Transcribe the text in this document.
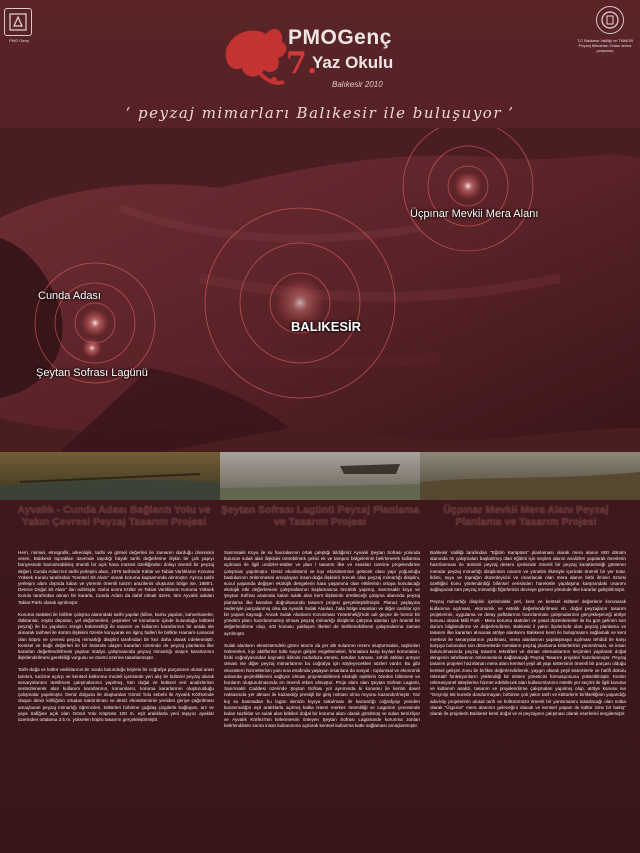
PMO Genç	T.C Balıkesir Valiliği ve TMMOB Peyzaj Mimarları Odası adına çalışması
PMOGenç
7.
Yaz Okulu
Balıkesir 2010
‘ peyzaj mimarları Balıkesir ile buluşuyor ’
Cunda Adası
Şeytan Sofrası Lagünü
BALIKESİR
Üçpınar Mevkii Mera Alanı
Ayvalık - Cunda Adası Bağlantı Yolu ve Yakın Çevresi Peyzaj Tasarım Projesi
Şeytan Sofrası Lagünü Peyzaj Planlama ve Tasarım Projesi
Üçpınar Mevkii Mera Alanı Peyzaj Planlama ve Tasarım Projesi

Hem, mimari, etnografik, arkeolojik, tarihi ve görsel değerleri ile zamanın durduğu izlenimini veren, Balıkesir toprakları üzerinde taşıdığı büyük tarihi değerlerine ilişkin bir çok yapıyı bünyesinde barındırabilmiş önemli bir açık hava müzesi özelliğinden dolayı önemli bir peyzaj değeri. Cunda Adası'nın tarihi yerleşim alanı, 1976 tarihinde Kültür ve Tabiat Varlıklarını Koruma Yüksek Kurulu tarafından "Kentsel Sit Alanı" olarak koruma kapsamında alınmıştır. Ayrıca tarihi yerleşim alanı dışında kalan ve yörenin önemli turizm arazilerini oluşturan bölge ise, 1989'1. Derece Doğal Sit Alanı" ilan edilmiştir. Daha sonra Kültür ve Tabiat Varlıklarını Koruma Yüksek Kurulu tarafından alınan bir kararla, Cunda Adası da dahil olmak üzere, tüm Ayvalık adaları Tabiat Parkı olarak ayrılmıştır.

Koruma statüleri ile birlikte çalışma alanındaki tarihi yapılar (kilise, kamu yapıları, kahvehaneler, dükkanlar, zeytin depoları, yel değirmenleri, çeşmeler ve konutların içinde bulunduğu kültürel peyzaj) ile bu yapıların zengin bütünselliği ile tasarım ve kullanım kararlarının bir arada ele alınarak tarihsel ile sürüm ilişkisini özenle koruyarak en ilginç halleri ile birlikte Hamam-Lanacak olan köprü ve çevresi peyzaj mimarlığı disiplini tarafından bir kez daha olarak irdelenmiştir. Kentsel ve bağlı değerleri ile bir bütünde ulaşım kararları üzerinde de peyzaj planlama ilke kararları değerlendirilmesi yapılan stüdyo çalışmasında peyzaj mimarlığı ulaşım kararlarının ilişkilendirilmesi gerekliliği vurgusu ve önemi üzerine tasarlanmıştır.

Tarih-doğa ve kültür varlıklarının bir arada bulunduğu böylesi bir coğrafya parçasının ulusal arası tanıtım, turizme açılışı ve kentsel kalkınma modeli içerisinde yeri alış ile kültürel peyzaj olarak senaryolarının üretilmesi çalışmalarının yapılmış, tüm doğal ve kültürel veri analizlerinin sentezlenerek alan kullanım kararlarının, konumların, koruma kararlarının oluşturulduğu çalışmalar yapılmıştır. Deniz dolgusu ile oluşturulan Gönül Yolu sebebi ile Ayvalık Körfezinde oluşan deniz kirliliğinin ortadan kaldırılması ve deniz ekosisteminin yeniden geriye çağırılması amaçlanan peyzaj mimarlığı öğrencileri, kültürleri birbirine çağdaş çizgilerle bağlayan, arz ve yaya trafiğine açık olan Gönül Yolu Köprüsü 100 m. eşit aralıklarla yeni taşıyıcı ayaklar üzerinden ortalama 2.5 m. yükselen köprü tasarımı gerçekleştirmiştir.

Sarımsaklı Koyu ile su havzalarının ortak çalıştığı bildiğimiz Ayvalık Şeytan Sofrası yolunda bulunan sulak alan ilişkisini üretebilmek çekici ek ve tampon bölgelerinin belirlenerek kullanma açılması ile ilgili uralizler-etütler ve plan / tasarım ilke ve esasları üzerine projelendirme çalışması yapılmıştır. Deniz ekosistemi ve kıyı ekosistemine gelecek olası yapı yoğunluğu baskılarının önlenmesini amaçlayan insan-doğa ilişkisini örecek olan peyzaj mimarlığı disiplini, sucul yaşamda değişen ekolojik dengelerin kara yaşamına olan etkilerinin ortaya konulacağı ekolojik etki değerlemesi çalışmalarının başlamasına öncülük yapmış, Sarımsaklı koyu ve Şeytan Sofrası arasında kalan sulak alan kent ilişkisinin üretileceği çalışma alanında peyzaj planlama ilke kararları doğrultusunda tasarım projesi gerçekleştirilmiştir. Planuz yaşlayına nedeniyle parçalanmış olsa da Ayvalık Sulak Alanları, hala bölge insanları ve diğer canlılar için bir yaşam kaynağı. Ancak Sulak Alanların Korunması Yönetmeliği'nde adı geçse de henüz bir yönetim planı hazırlanmamış olması peyzaj mimarlığı disiplinin çalışma alanları için önemli bir değerlendirme olup, söz konusu yaklaşım ilkeleri de belirlenebilmesi çalışmalarına zaman ayrılmıştır.

Sulak alanların ekosistemdeki görev tanımı da yer altı sularının rezerv oluşturmaları, taşkınları önlemeleri, kıyı aktiflerine tutlu suyun girişini engellemeleri, fırtınalara karşı kıyıları korumaları, fiziki coğrafyasından kaynaklı iklimini muhafaza etmesi, tortuları tutması, zehirli atıkları arıtıyor olması ise diğer peyzaj mimarlarının bu coğrafya için söyleyecekleri sözleri vardır. Bu gibi ekosistem hizmetlerinin yanı sıra etrafında yaşayan insanlara da sosyal - toplumsal ve ekonomik anlamda geçimliliklerini sağlıyor olması projelendirilerek ekolojik eşiklerin özeden bilinmesi ve bunların oluşturulmasında en önemli etken olmuştur. Proje alanı olan Şeytan Sofrası Lagünü, Sarımsaklı Caddesi üzerinde Şeytan Sofrası yol ayrımında ki konumu ile kentin davet noktasında yer alması ile kazandığı prestijli bir giriş noktası olma mıyonu kazandırılmıştır. Yaz kış su basmadan bu lagün denizin kıyıya sokulması ile kazandığı coğrafyayı yeniden kazanmalığın eşit aralıklarla açılmış kalka istemi merkez önemliliği ve Lagünün çevresinde bulan sazlıklar ve sulak alan bitkileri doğal bir koruma alanı olarak görülmüş ve sulan temizliyor ve Ayvalık Körfezi'nin kirlenmesini önleyen Şeytan Sofrası Lagününde korunma zonları belirlendikten sonra insan kullanımına açılarak kentsel kullanma katkı sağlaması amaçlanmıştır.

Balıkesir Valiliği tarafından "Eğitim Kampüsü" planlaması olarak mera alanın 600 dönüm alanında ön çalışmaları başlatılmış olan eğitimi için seçilen alanın analizleri yapılarak önerilerin hazırlanması ile üretimli peyzaj deseni içerisinde önemli bir peyzaj karakteristiği gösteren meralar peyzaj mimarlığı disiplininin onarım ve yönetim ilkesiyle içerinde önemli bir yer tutar. İklimi, suyu ve toprağın düzenleyicisi ve onarılacak olan mera alanın birbi ilminin öznesi özelliğini konu yönlendirdiği bilimsel verisinden hareketle yapılaşma karşısındaki onarımı sağlayacak tüm peyzaj mimarlığı fiğürlerinin devreye girmesi yönünde ilke kararlar geliştirilmiştir.

Peyzaj mimarlığı disiplini içerisindeki yeri, kent ve kentsel kültürel değerlerin korunarak kullanıma açılması, ekonomik ve estetik değerlendirilmesi vb. doğal peyzajların tasarım projelerinin, uygulama ve detay paftalarının hazırlanması çalışmalarının gerçekleşeceği atölye konusu olarak Milli Park - Mera koruma statüleri ve yasal düzenlemeler ile bu gün gelinen son durum bilgilendirme ve değerlendirme, Balıkesir il yakın ilçelerinde olan peyzaj planlama ve tasarım ilke kararları alınacak atölye alanlarını Balıkesir kenti ile buluşmasını sağlamak ve kent merkezi ile senaryolarının yazılması, mera alanlarının yapılaşmaya açılması tehdidi ile karşı karşıya bulunulan son dönemlerde meraların peyzaj planlama kriterlerinin yansıtılması, ve insan bulunulmasında peyzaj tasarım teknikleri ve donatı elemanlarının seçimleri yapılarak doğal dengenin tahribatının önlenmesinin sağlanacağı Peyzaj Tasarım projeleri hazırlanmıştır. Peyzaj tasarım projeleri hazırlanan mera alanı kentsel yeşil alt yapı sisteminin önemli bir parçası olduğu kentsel gelişim zonu ile birlikte değerlendirilerek, yaygın olarak yeşil sistemlerle ve hafifi dokulu rekreatif fonksiyonların yüklendiği bir sistem yöneticisi formasyonuna yükseltilmiştir. Kentin rekreasyonel taleplerine hizmet edebilecek alan kullanımlarının estetik yer seçimi ile ilgili koruma ve kullanım analizi, tasarım ve projelendirme çalışmaları yapılmış olup, atölye konusu ise "Geçmişi tek kurede dondurmayan, birbirine çok yakın tarih ve kültürlerin birlikteliğinin yaşandığı ada-köy projelerinin ulusal tarih ve kültürümüzü önemli bir yansımasını tasarlacağı olan notka olarak "Üçpınar" mera alanının geleceğini olacak ve kentsel yaşam ile kültür izine bir bakış" olarak ile projelerin Balıkesir kenti doğal ve el peyzajının çalışması olarak eserlerini sergilemiştir.
